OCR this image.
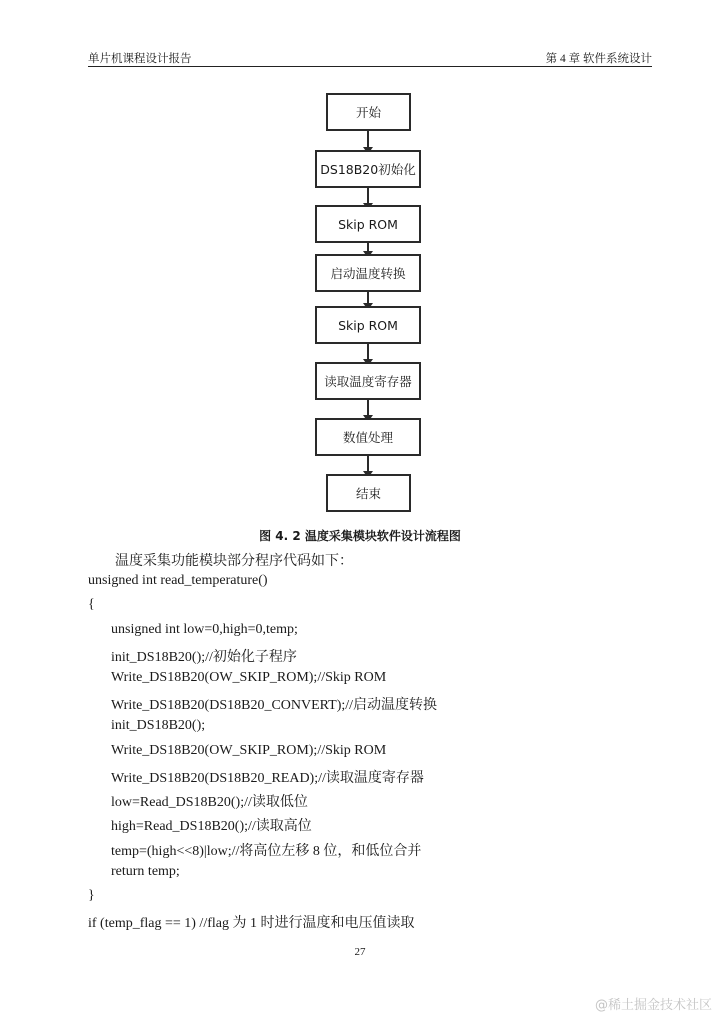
单片机课程设计报告	第 4 章 软件系统设计
开始
DS18B20初始化
Skip ROM
启动温度转换
Skip ROM
读取温度寄存器
数值处理
结束
图 4. 2 温度采集模块软件设计流程图
温度采集功能模块部分程序代码如下：
unsigned int read_temperature()
{
unsigned int low=0,high=0,temp;
init_DS18B20();//初始化子程序
Write_DS18B20(OW_SKIP_ROM);//Skip ROM
Write_DS18B20(DS18B20_CONVERT);//启动温度转换
init_DS18B20();
Write_DS18B20(OW_SKIP_ROM);//Skip ROM
Write_DS18B20(DS18B20_READ);//读取温度寄存器
low=Read_DS18B20();//读取低位
high=Read_DS18B20();//读取高位
temp=(high<<8)|low;//将高位左移 8 位，和低位合并
return temp;
}
if (temp_flag == 1) //flag 为 1 时进行温度和电压值读取
27
@稀土掘金技术社区
